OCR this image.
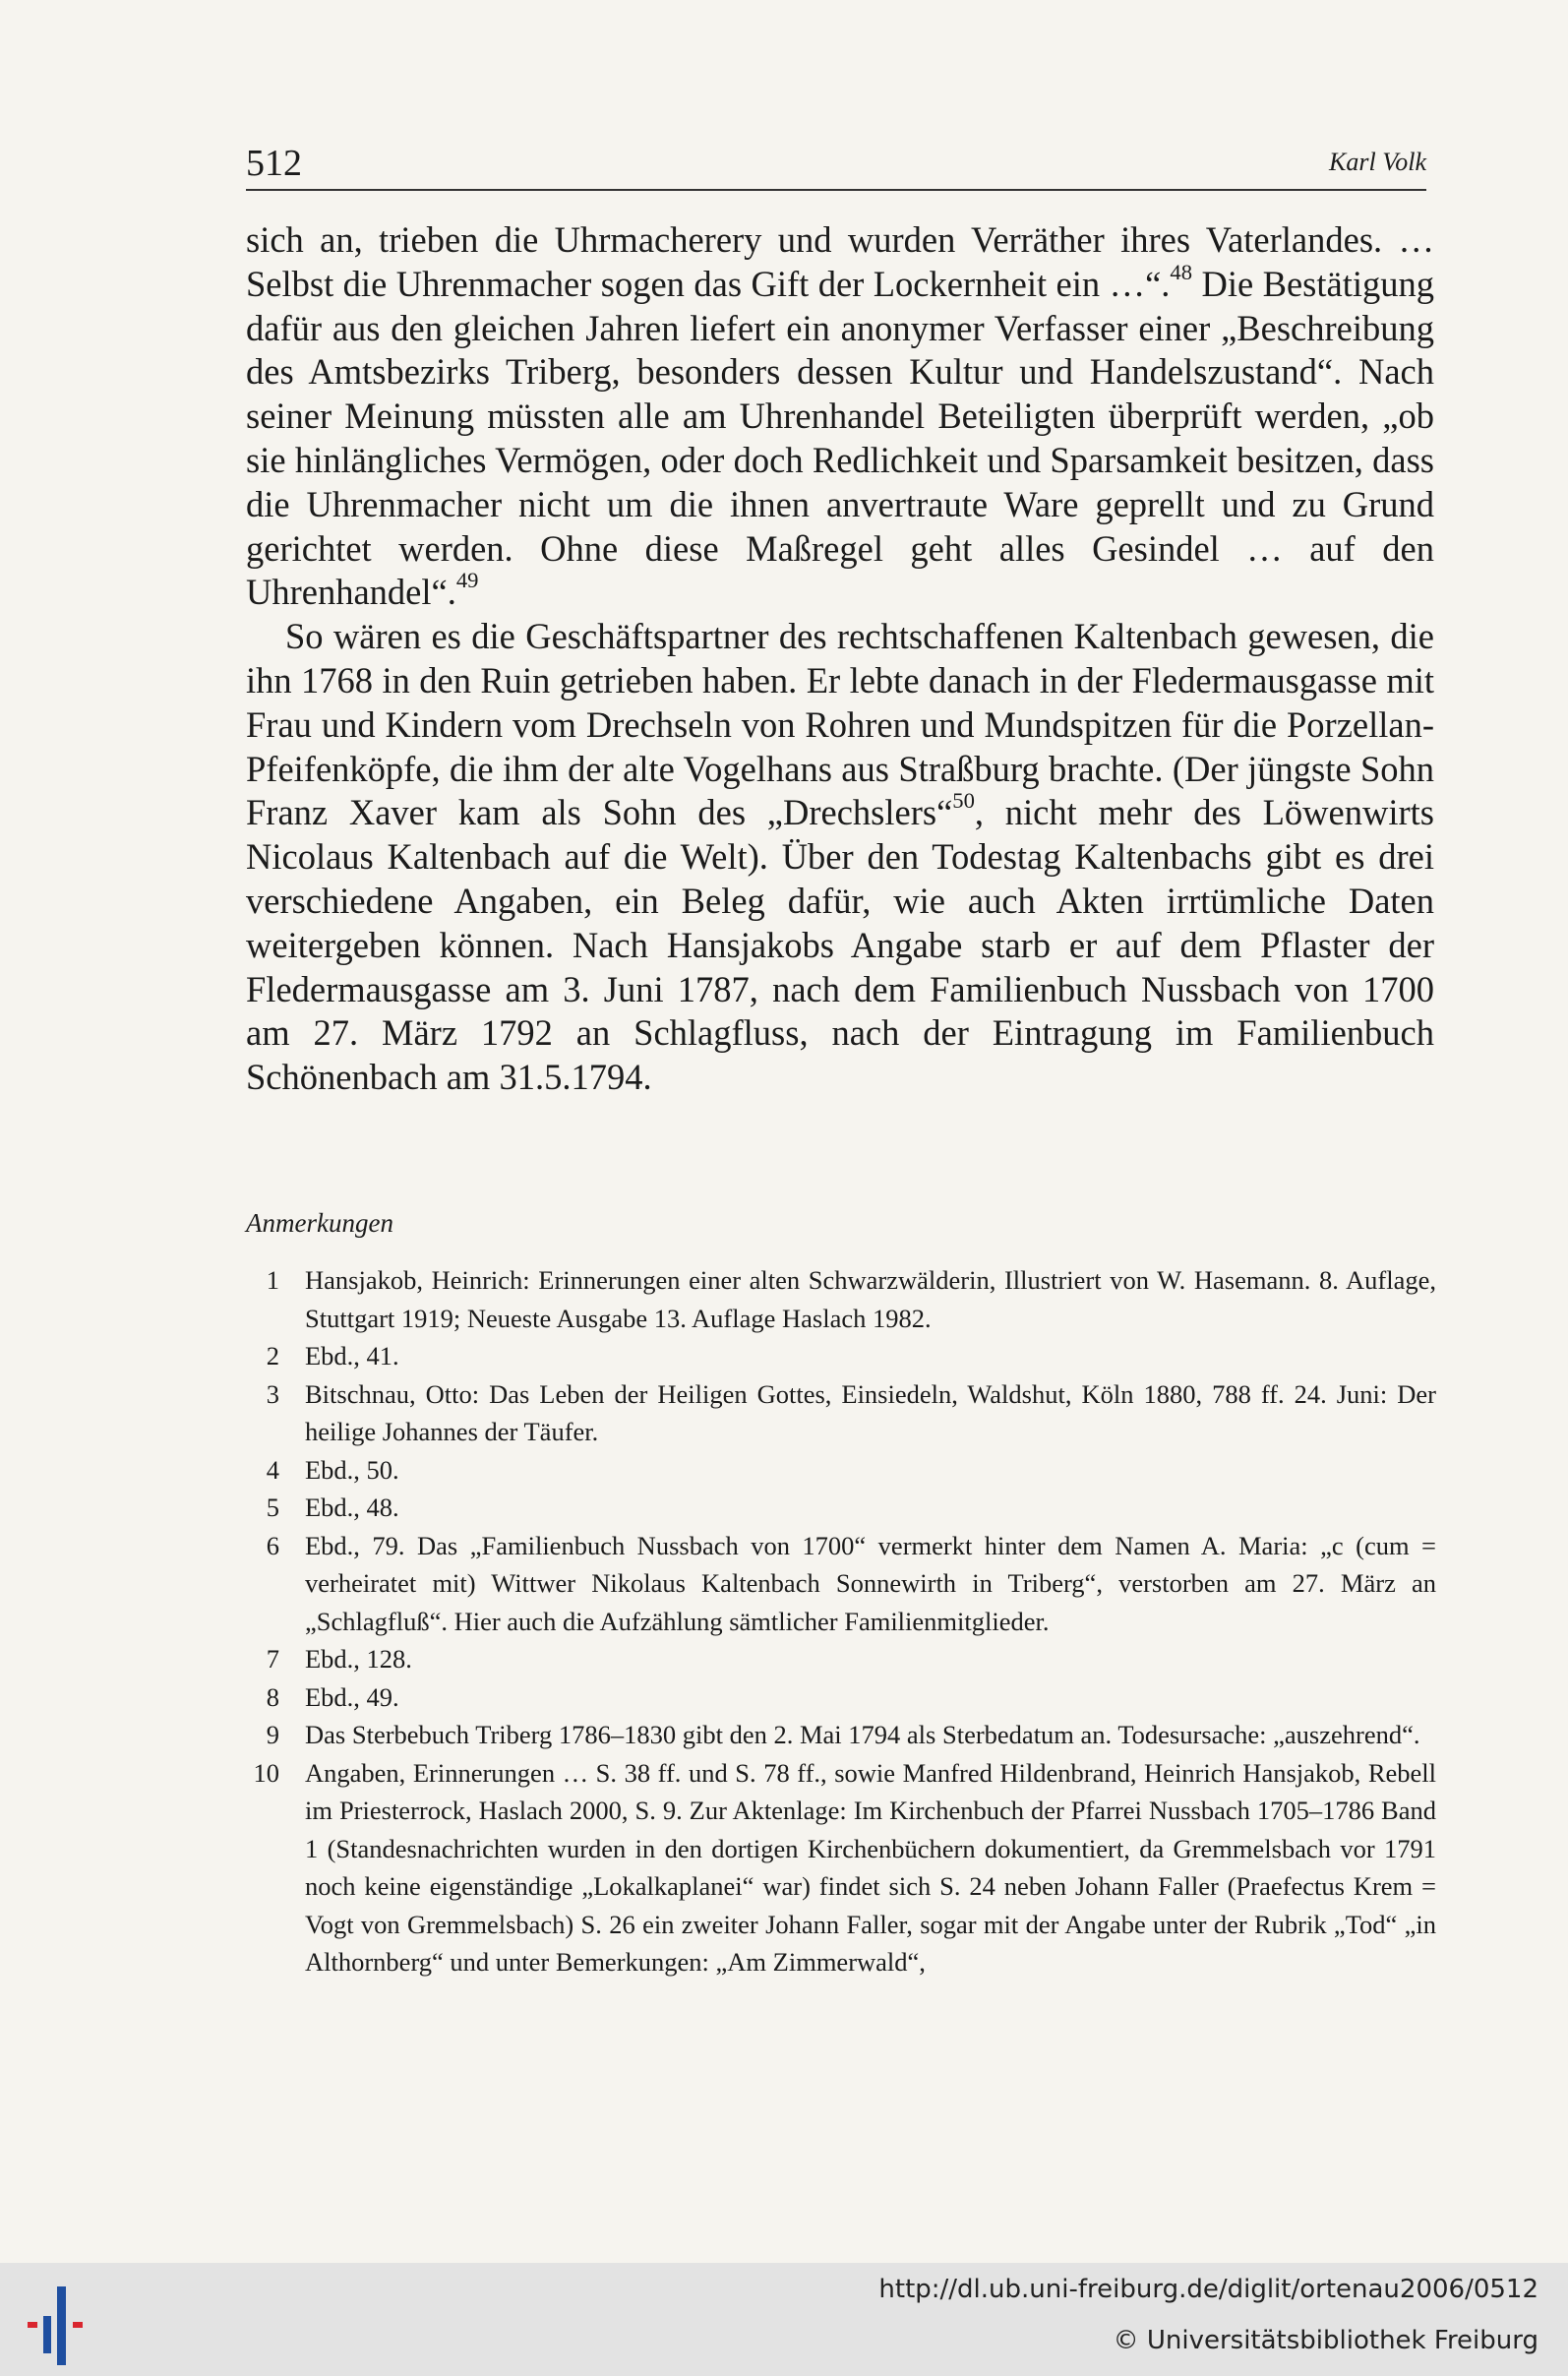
512	Karl Volk

sich an, trieben die Uhrmacherery und wurden Verräther ihres Vaterlandes. … Selbst die Uhrenmacher sogen das Gift der Lockernheit ein …“.$^{48}$ Die Bestätigung dafür aus den gleichen Jahren liefert ein anonymer Verfasser einer „Beschreibung des Amtsbezirks Triberg, besonders dessen Kultur und Handelszustand“. Nach seiner Meinung müssten alle am Uhrenhandel Beteiligten überprüft werden, „ob sie hinlängliches Vermögen, oder doch Redlichkeit und Sparsamkeit besitzen, dass die Uhrenmacher nicht um die ihnen anvertraute Ware geprellt und zu Grund gerichtet werden. Ohne diese Maßregel geht alles Gesindel … auf den Uhrenhandel“.$^{49}$

So wären es die Geschäftspartner des rechtschaffenen Kaltenbach gewesen, die ihn 1768 in den Ruin getrieben haben. Er lebte danach in der Fledermausgasse mit Frau und Kindern vom Drechseln von Rohren und Mundspitzen für die Porzellan-Pfeifenköpfe, die ihm der alte Vogelhans aus Straßburg brachte. (Der jüngste Sohn Franz Xaver kam als Sohn des „Drechslers“$^{50}$, nicht mehr des Löwenwirts Nicolaus Kaltenbach auf die Welt). Über den Todestag Kaltenbachs gibt es drei verschiedene Angaben, ein Beleg dafür, wie auch Akten irrtümliche Daten weitergeben können. Nach Hansjakobs Angabe starb er auf dem Pflaster der Fledermausgasse am 3. Juni 1787, nach dem Familienbuch Nussbach von 1700 am 27. März 1792 an Schlagfluss, nach der Eintragung im Familienbuch Schönenbach am 31.5.1794.

Anmerkungen
1 Hansjakob, Heinrich: Erinnerungen einer alten Schwarzwälderin, Illustriert von W. Hasemann. 8. Auflage, Stuttgart 1919; Neueste Ausgabe 13. Auflage Haslach 1982.
2 Ebd., 41.
3 Bitschnau, Otto: Das Leben der Heiligen Gottes, Einsiedeln, Waldshut, Köln 1880, 788 ff. 24. Juni: Der heilige Johannes der Täufer.
4 Ebd., 50.
5 Ebd., 48.
6 Ebd., 79. Das „Familienbuch Nussbach von 1700“ vermerkt hinter dem Namen A. Maria: „c (cum = verheiratet mit) Wittwer Nikolaus Kaltenbach Sonnewirth in Triberg“, verstorben am 27. März an „Schlagfluß“. Hier auch die Aufzählung sämtlicher Familienmitglieder.
7 Ebd., 128.
8 Ebd., 49.
9 Das Sterbebuch Triberg 1786–1830 gibt den 2. Mai 1794 als Sterbedatum an. Todesursache: „auszehrend“.
10 Angaben, Erinnerungen … S. 38 ff. und S. 78 ff., sowie Manfred Hildenbrand, Heinrich Hansjakob, Rebell im Priesterrock, Haslach 2000, S. 9. Zur Aktenlage: Im Kirchenbuch der Pfarrei Nussbach 1705–1786 Band 1 (Standesnachrichten wurden in den dortigen Kirchenbüchern dokumentiert, da Gremmelsbach vor 1791 noch keine eigenständige „Lokalkaplanei“ war) findet sich S. 24 neben Johann Faller (Praefectus Krem = Vogt von Gremmelsbach) S. 26 ein zweiter Johann Faller, sogar mit der Angabe unter der Rubrik „Tod“ „in Althornberg“ und unter Bemerkungen: „Am Zimmerwald“,
http://dl.ub.uni-freiburg.de/diglit/ortenau2006/0512
© Universitätsbibliothek Freiburg
